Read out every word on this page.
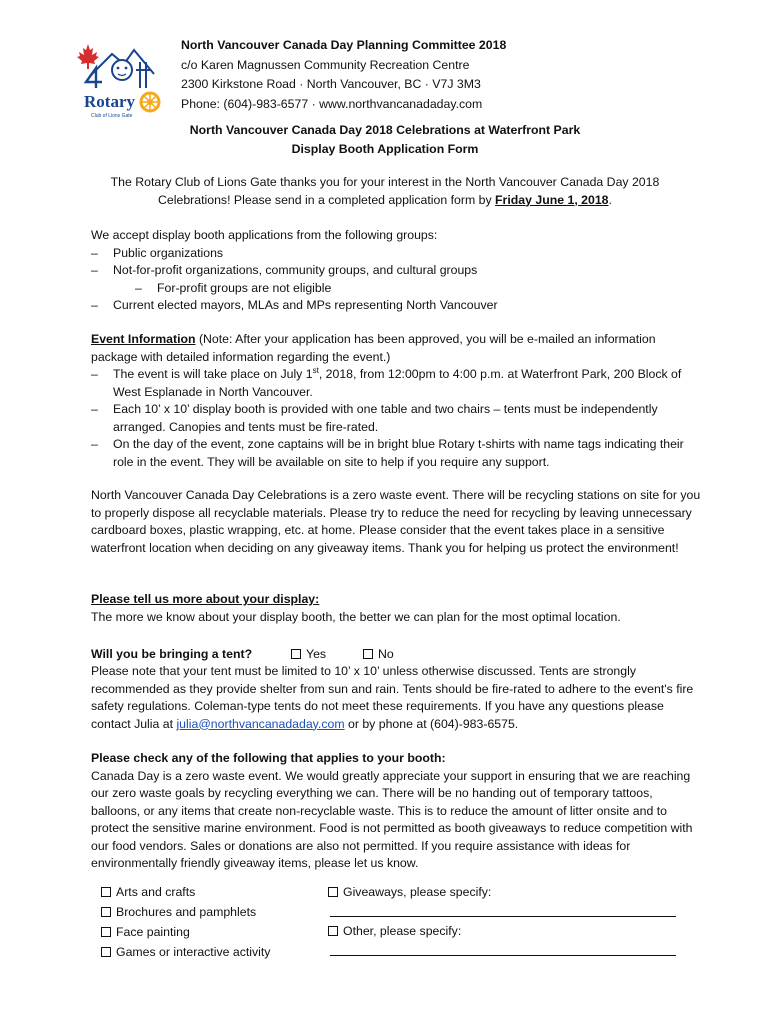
Rotary
Club of Lions Gate
North Vancouver Canada Day Planning Committee 2018
c/o Karen Magnussen Community Recreation Centre
2300 Kirkstone Road · North Vancouver, BC · V7J 3M3
Phone: (604)-983-6577 · www.northvancanadaday.com
North Vancouver Canada Day 2018 Celebrations at Waterfront Park
Display Booth Application Form
The Rotary Club of Lions Gate thanks you for your interest in the North Vancouver Canada Day 2018
Celebrations! Please send in a completed application form by Friday June 1, 2018.
We accept display booth applications from the following groups:
– Public organizations
– Not-for-profit organizations, community groups, and cultural groups
– For-profit groups are not eligible
– Current elected mayors, MLAs and MPs representing North Vancouver
Event Information (Note: After your application has been approved, you will be e-mailed an information package with detailed information regarding the event.)
– The event is will take place on July 1st, 2018, from 12:00pm to 4:00 p.m. at Waterfront Park, 200 Block of West Esplanade in North Vancouver.
– Each 10’ x 10’ display booth is provided with one table and two chairs – tents must be independently arranged. Canopies and tents must be fire-rated.
– On the day of the event, zone captains will be in bright blue Rotary t-shirts with name tags indicating their role in the event. They will be available on site to help if you require any support.
North Vancouver Canada Day Celebrations is a zero waste event. There will be recycling stations on site for you to properly dispose all recyclable materials. Please try to reduce the need for recycling by leaving unnecessary cardboard boxes, plastic wrapping, etc. at home. Please consider that the event takes place in a sensitive waterfront location when deciding on any giveaway items. Thank you for helping us protect the environment!
Please tell us more about your display:
The more we know about your display booth, the better we can plan for the most optimal location.
Will you be bringing a tent?	Yes	No
Please note that your tent must be limited to 10’ x 10’ unless otherwise discussed. Tents are strongly recommended as they provide shelter from sun and rain. Tents should be fire-rated to adhere to the event's fire safety regulations. Coleman-type tents do not meet these requirements. If you have any questions please contact Julia at julia@northvancanadaday.com or by phone at (604)-983-6575.
Please check any of the following that applies to your booth:
Canada Day is a zero waste event. We would greatly appreciate your support in ensuring that we are reaching our zero waste goals by recycling everything we can. There will be no handing out of temporary tattoos, balloons, or any items that create non-recyclable waste. This is to reduce the amount of litter onsite and to protect the sensitive marine environment. Food is not permitted as booth giveaways to reduce competition with our food vendors. Sales or donations are also not permitted. If you require assistance with ideas for environmentally friendly giveaway items, please let us know.
Arts and crafts
Brochures and pamphlets
Face painting
Games or interactive activity
Giveaways, please specify:
Other, please specify:
